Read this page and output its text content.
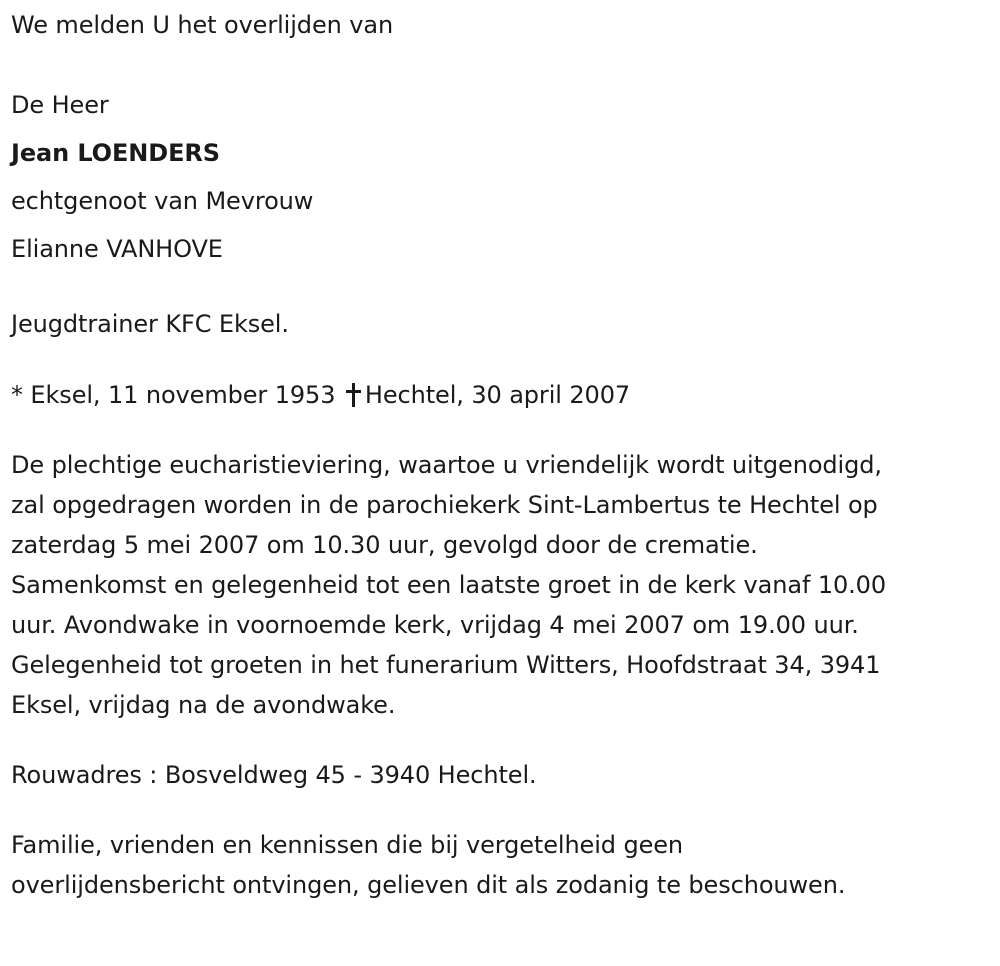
We melden U het overlijden van
De Heer
Jean LOENDERS
echtgenoot van Mevrouw
Elianne VANHOVE
Jeugdtrainer KFC Eksel.
* Eksel, 11 november 1953 Hechtel, 30 april 2007
De plechtige eucharistieviering, waartoe u vriendelijk wordt uitgenodigd,
zal opgedragen worden in de parochiekerk Sint-Lambertus te Hechtel op
zaterdag 5 mei 2007 om 10.30 uur, gevolgd door de crematie.
Samenkomst en gelegenheid tot een laatste groet in de kerk vanaf 10.00
uur. Avondwake in voornoemde kerk, vrijdag 4 mei 2007 om 19.00 uur.
Gelegenheid tot groeten in het funerarium Witters, Hoofdstraat 34, 3941
Eksel, vrijdag na de avondwake.
Rouwadres : Bosveldweg 45 - 3940 Hechtel.
Familie, vrienden en kennissen die bij vergetelheid geen
overlijdensbericht ontvingen, gelieven dit als zodanig te beschouwen.
